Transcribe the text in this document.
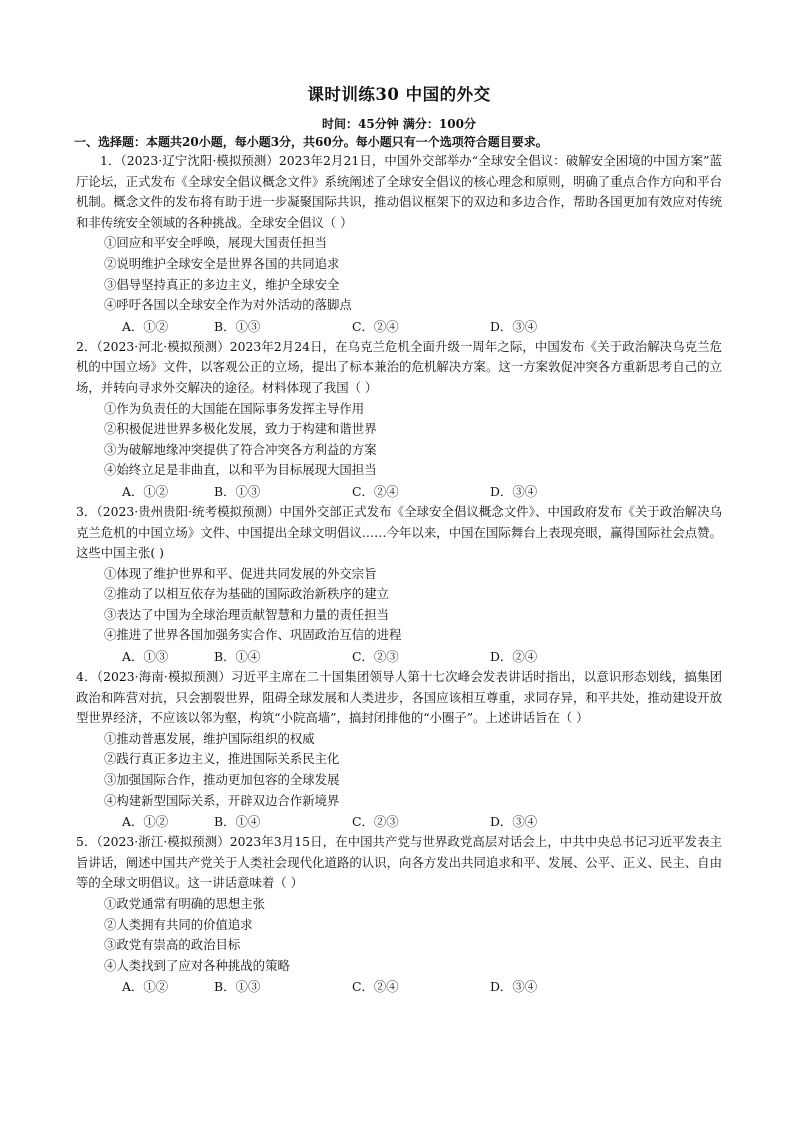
课时训练30 中国的外交
时间：45分钟 满分：100分
一、选择题：本题共20小题，每小题3分，共60分。每小题只有一个选项符合题目要求。
1．（2023·辽宁沈阳·模拟预测）2023年2月21日，中国外交部举办“全球安全倡议：破解安全困境的中国方案”蓝厅论坛，正式发布《全球安全倡议概念文件》系统阐述了全球安全倡议的核心理念和原则，明确了重点合作方向和平台机制。概念文件的发布将有助于进一步凝聚国际共识，推动倡议框架下的双边和多边合作，帮助各国更加有效应对传统和非传统安全领域的各种挑战。全球安全倡议（ ）
①回应和平安全呼唤，展现大国责任担当
②说明维护全球安全是世界各国的共同追求
③倡导坚持真正的多边主义，维护全球安全
④呼吁各国以全球安全作为对外活动的落脚点
A．①②	B．①③	C．②④	D．③④
2．（2023·河北·模拟预测）2023年2月24日，在乌克兰危机全面升级一周年之际，中国发布《关于政治解决乌克兰危机的中国立场》文件，以客观公正的立场，提出了标本兼治的危机解决方案。这一方案敦促冲突各方重新思考自己的立场，并转向寻求外交解决的途径。材料体现了我国（ ）
①作为负责任的大国能在国际事务发挥主导作用
②积极促进世界多极化发展，致力于构建和谐世界
③为破解地缘冲突提供了符合冲突各方利益的方案
④始终立足是非曲直，以和平为目标展现大国担当
A．①②	B．①③	C．②④	D．③④
3．（2023·贵州贵阳·统考模拟预测）中国外交部正式发布《全球安全倡议概念文件》、中国政府发布《关于政治解决乌克兰危机的中国立场》文件、中国提出全球文明倡议……今年以来，中国在国际舞台上表现亮眼，赢得国际社会点赞。这些中国主张( )
①体现了维护世界和平、促进共同发展的外交宗旨
②推动了以相互依存为基础的国际政治新秩序的建立
③表达了中国为全球治理贡献智慧和力量的责任担当
④推进了世界各国加强务实合作、巩固政治互信的进程
A．①③	B．①④	C．②③	D．②④
4．（2023·海南·模拟预测）习近平主席在二十国集团领导人第十七次峰会发表讲话时指出，以意识形态划线，搞集团政治和阵营对抗，只会割裂世界，阻碍全球发展和人类进步，各国应该相互尊重，求同存异，和平共处，推动建设开放型世界经济，不应该以邻为壑，构筑“小院高墙”，搞封闭排他的“小圈子”。上述讲话旨在（ ）
①推动普惠发展，维护国际组织的权威
②践行真正多边主义，推进国际关系民主化
③加强国际合作，推动更加包容的全球发展
④构建新型国际关系，开辟双边合作新境界
A．①②	B．①④	C．②③	D．③④
5．（2023·浙江·模拟预测）2023年3月15日，在中国共产党与世界政党高层对话会上，中共中央总书记习近平发表主旨讲话，阐述中国共产党关于人类社会现代化道路的认识，向各方发出共同追求和平、发展、公平、正义、民主、自由等的全球文明倡议。这一讲话意味着（ ）
①政党通常有明确的思想主张
②人类拥有共同的价值追求
③政党有崇高的政治目标
④人类找到了应对各种挑战的策略
A．①②	B．①③	C．②④	D．③④
